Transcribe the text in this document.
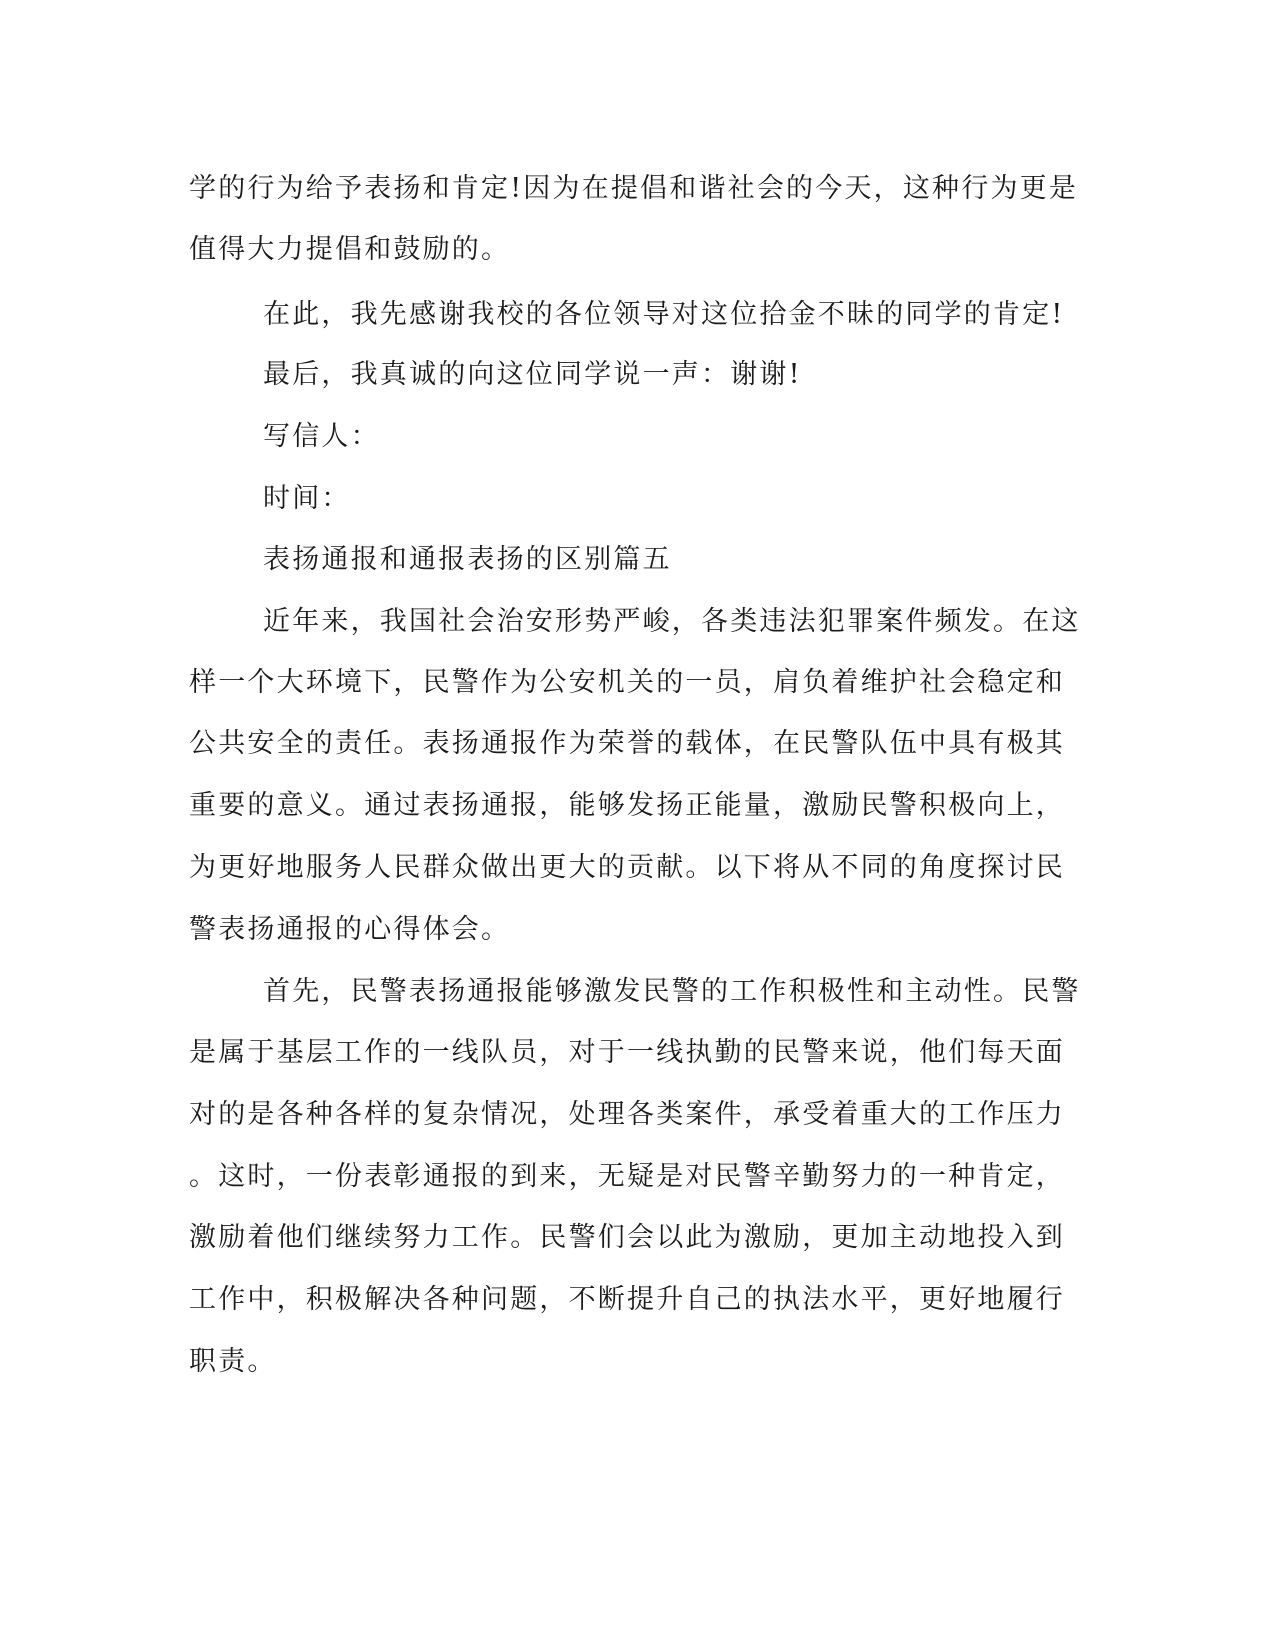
学的行为给予表扬和肯定!因为在提倡和谐社会的今天，这种行为更是
值得大力提倡和鼓励的。
在此，我先感谢我校的各位领导对这位拾金不昧的同学的肯定!
最后，我真诚的向这位同学说一声：谢谢!
写信人：
时间：
表扬通报和通报表扬的区别篇五
近年来，我国社会治安形势严峻，各类违法犯罪案件频发。在这
样一个大环境下，民警作为公安机关的一员，肩负着维护社会稳定和
公共安全的责任。表扬通报作为荣誉的载体，在民警队伍中具有极其
重要的意义。通过表扬通报，能够发扬正能量，激励民警积极向上，
为更好地服务人民群众做出更大的贡献。以下将从不同的角度探讨民
警表扬通报的心得体会。
首先，民警表扬通报能够激发民警的工作积极性和主动性。民警
是属于基层工作的一线队员，对于一线执勤的民警来说，他们每天面
对的是各种各样的复杂情况，处理各类案件，承受着重大的工作压力
。这时，一份表彰通报的到来，无疑是对民警辛勤努力的一种肯定，
激励着他们继续努力工作。民警们会以此为激励，更加主动地投入到
工作中，积极解决各种问题，不断提升自己的执法水平，更好地履行
职责。
